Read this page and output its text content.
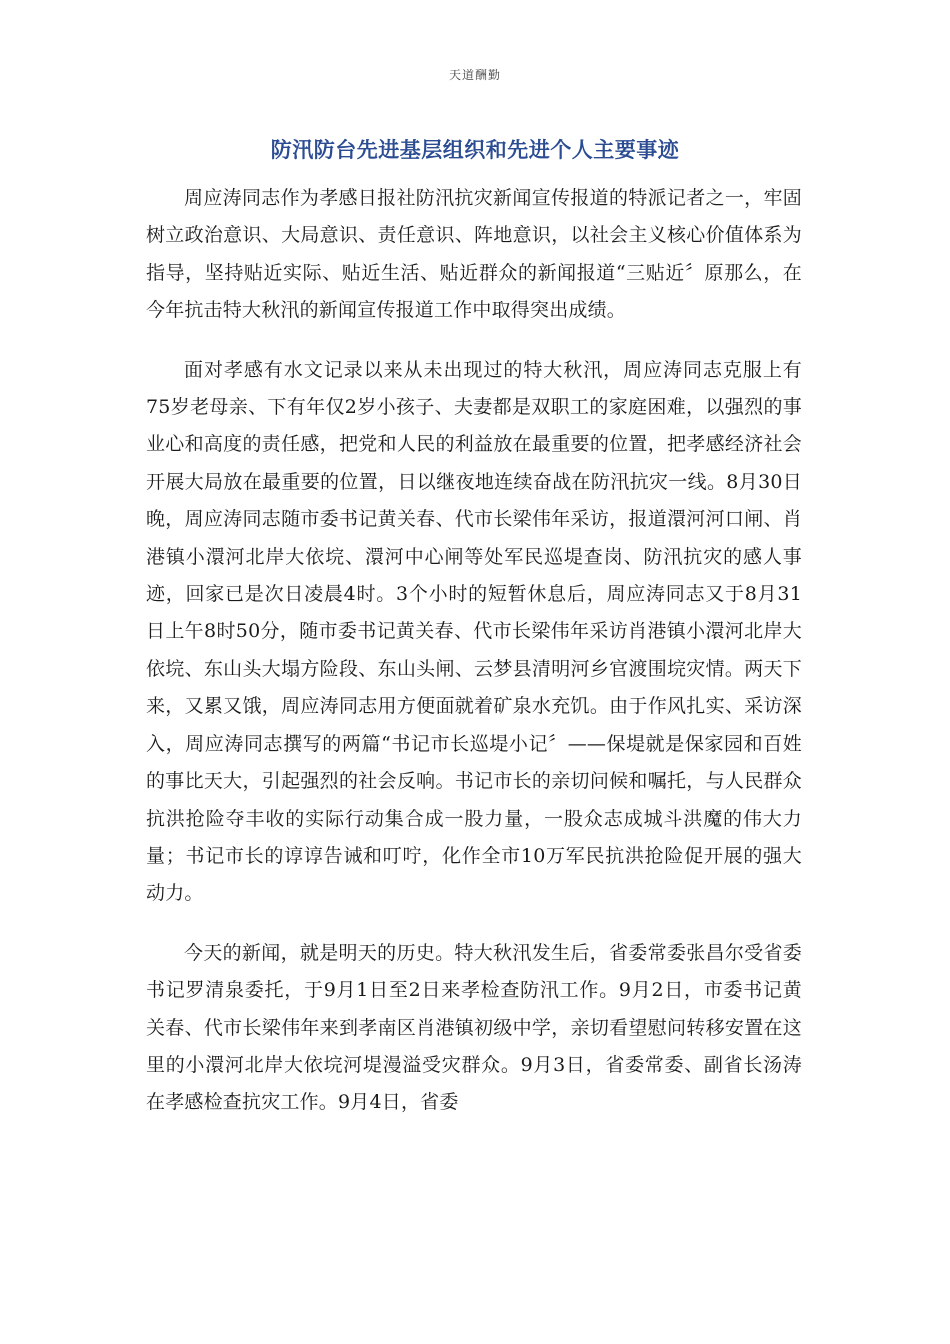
天道酬勤
防汛防台先进基层组织和先进个人主要事迹

周应涛同志作为孝感日报社防汛抗灾新闻宣传报道的特派记者之一，牢固树立政治意识、大局意识、责任意识、阵地意识，以社会主义核心价值体系为指导，坚持贴近实际、贴近生活、贴近群众的新闻报道“三贴近〞原那么，在今年抗击特大秋汛的新闻宣传报道工作中取得突出成绩。

面对孝感有水文记录以来从未出现过的特大秋汛，周应涛同志克服上有75岁老母亲、下有年仅2岁小孩子、夫妻都是双职工的家庭困难，以强烈的事业心和高度的责任感，把党和人民的利益放在最重要的位置，把孝感经济社会开展大局放在最重要的位置，日以继夜地连续奋战在防汛抗灾一线。8月30日晚，周应涛同志随市委书记黄关春、代市长梁伟年采访，报道澴河河口闸、肖港镇小澴河北岸大依垸、澴河中心闸等处军民巡堤查岗、防汛抗灾的感人事迹，回家已是次日凌晨4时。3个小时的短暂休息后，周应涛同志又于8月31日上午8时50分，随市委书记黄关春、代市长梁伟年采访肖港镇小澴河北岸大依垸、东山头大塌方险段、东山头闸、云梦县清明河乡官渡围垸灾情。两天下来，又累又饿，周应涛同志用方便面就着矿泉水充饥。由于作风扎实、采访深入，周应涛同志撰写的两篇“书记市长巡堤小记〞——保堤就是保家园和百姓的事比天大，引起强烈的社会反响。书记市长的亲切问候和嘱托，与人民群众抗洪抢险夺丰收的实际行动集合成一股力量，一股众志成城斗洪魔的伟大力量；书记市长的谆谆告诫和叮咛，化作全市10万军民抗洪抢险促开展的强大动力。

今天的新闻，就是明天的历史。特大秋汛发生后，省委常委张昌尔受省委书记罗清泉委托，于9月1日至2日来孝检查防汛工作。9月2日，市委书记黄关春、代市长梁伟年来到孝南区肖港镇初级中学，亲切看望慰问转移安置在这里的小澴河北岸大依垸河堤漫溢受灾群众。9月3日，省委常委、副省长汤涛在孝感检查抗灾工作。9月4日，省委
